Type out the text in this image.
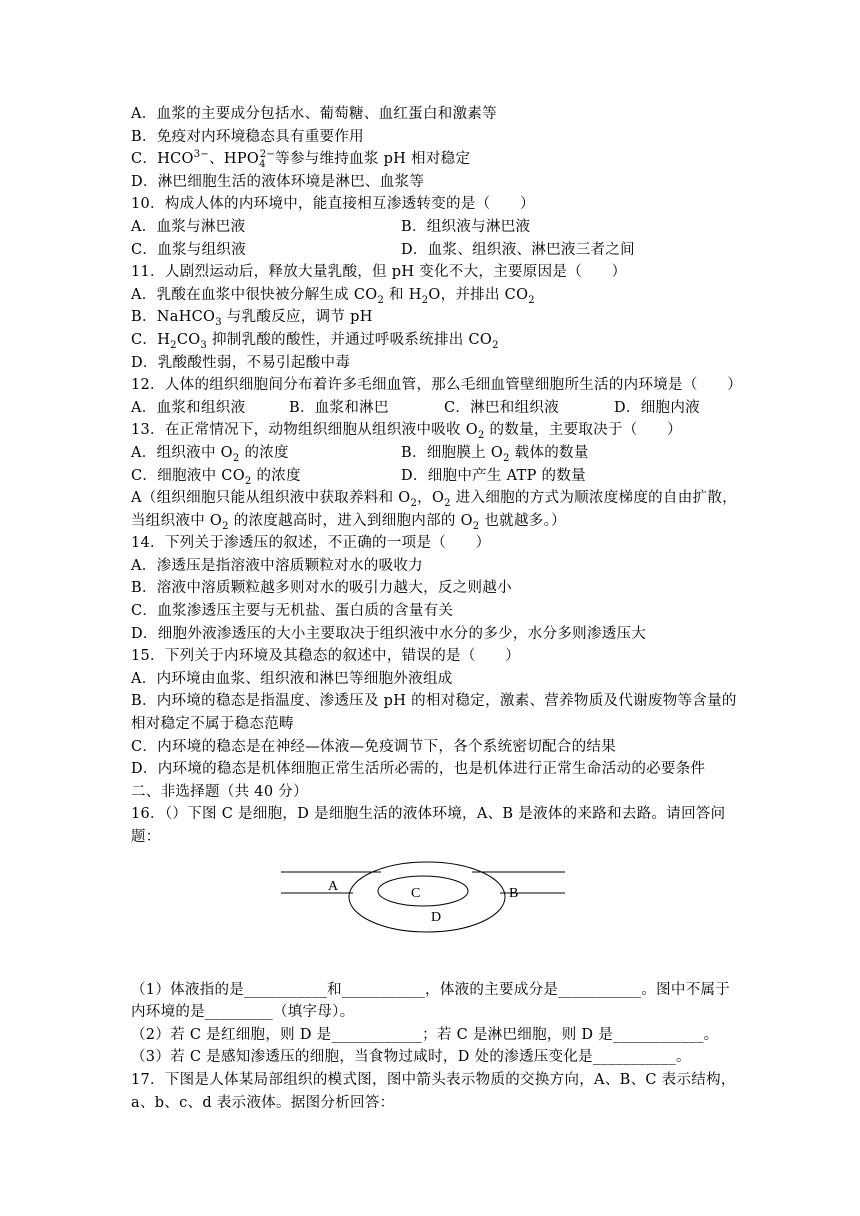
A．血浆的主要成分包括水、葡萄糖、血红蛋白和激素等
B．免疫对内环境稳态具有重要作用
C．$HCO^{3-}$、$HPO_4^{2-}$等参与维持血浆 pH 相对稳定
D．淋巴细胞生活的液体环境是淋巴、血浆等
10．构成人体的内环境中，能直接相互渗透转变的是（　　）
A．血浆与淋巴液	B．组织液与淋巴液
C．血浆与组织液	D．血浆、组织液、淋巴液三者之间
11．人剧烈运动后，释放大量乳酸，但 pH 变化不大，主要原因是（　　）
A．乳酸在血浆中很快被分解生成 $CO_2$ 和 $H_2O$，并排出 $CO_2$
B．NaHCO$_3$ 与乳酸反应，调节 pH
C．$H_2CO_3$ 抑制乳酸的酸性，并通过呼吸系统排出 $CO_2$
D．乳酸酸性弱，不易引起酸中毒
12．人体的组织细胞间分布着许多毛细血管，那么毛细血管壁细胞所生活的内环境是（　　）
A．血浆和组织液	B．血浆和淋巴	C．淋巴和组织液	D．细胞内液
13．在正常情况下，动物组织细胞从组织液中吸收 $O_2$ 的数量，主要取决于（　　）
A．组织液中 $O_2$ 的浓度	B．细胞膜上 $O_2$ 载体的数量
C．细胞液中 $CO_2$ 的浓度	D．细胞中产生 ATP 的数量
A（组织细胞只能从组织液中获取养料和 $O_2$，$O_2$ 进入细胞的方式为顺浓度梯度的自由扩散，当组织液中 $O_2$ 的浓度越高时，进入到细胞内部的 $O_2$ 也就越多。）
14．下列关于渗透压的叙述，不正确的一项是（　　）
A．渗透压是指溶液中溶质颗粒对水的吸收力
B．溶液中溶质颗粒越多则对水的吸引力越大，反之则越小
C．血浆渗透压主要与无机盐、蛋白质的含量有关
D．细胞外液渗透压的大小主要取决于组织液中水分的多少，水分多则渗透压大
15．下列关于内环境及其稳态的叙述中，错误的是（　　）
A．内环境由血浆、组织液和淋巴等细胞外液组成
B．内环境的稳态是指温度、渗透压及 pH 的相对稳定，激素、营养物质及代谢废物等含量的相对稳定不属于稳态范畴
C．内环境的稳态是在神经—体液—免疫调节下，各个系统密切配合的结果
D．内环境的稳态是机体细胞正常生活所必需的，也是机体进行正常生命活动的必要条件
二、非选择题（共 40 分）
16．（）下图 C 是细胞，D 是细胞生活的液体环境，A、B 是液体的来路和去路。请回答问题：
A	C	B
D
（1）体液指的是___________和___________，体液的主要成分是___________。图中不属于内环境的是_________（填字母）。
（2）若 C 是红细胞，则 D 是____________；若 C 是淋巴细胞，则 D 是____________。
（3）若 C 是感知渗透压的细胞，当食物过咸时，D 处的渗透压变化是___________。
17．下图是人体某局部组织的模式图，图中箭头表示物质的交换方向，A、B、C 表示结构，a、b、c、d 表示液体。据图分析回答：
